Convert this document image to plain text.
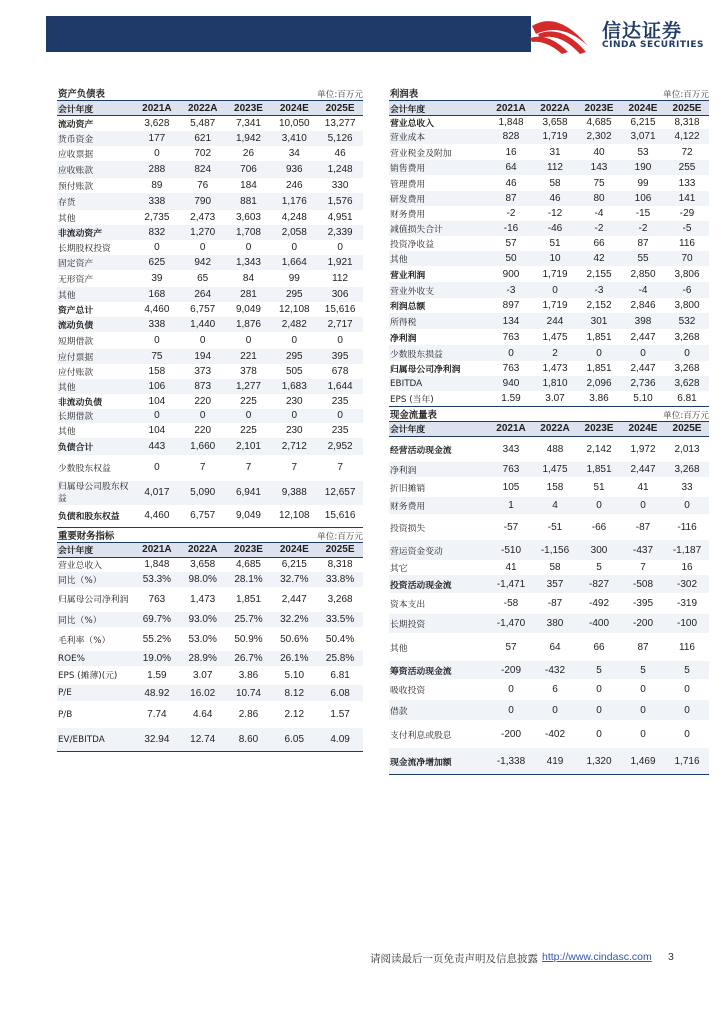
信达证券
CINDA SECURITIES
资产负债表				单位:百万元	
会计年度	2021A	2022A	2023E	2024E	2025E
流动资产	3,628	5,487	7,341	10,050	13,277
货币资金	177	621	1,942	3,410	5,126
应收票据	0	702	26	34	46
应收账款	288	824	706	936	1,248
预付账款	89	76	184	246	330
存货	338	790	881	1,176	1,576
其他	2,735	2,473	3,603	4,248	4,951
非流动资产	832	1,270	1,708	2,058	2,339
长期股权投资	0	0	0	0	0
固定资产	625	942	1,343	1,664	1,921
无形资产	39	65	84	99	112
其他	168	264	281	295	306
资产总计	4,460	6,757	9,049	12,108	15,616
流动负债	338	1,440	1,876	2,482	2,717
短期借款	0	0	0	0	0
应付票据	75	194	221	295	395
应付账款	158	373	378	505	678
其他	106	873	1,277	1,683	1,644
非流动负债	104	220	225	230	235
长期借款	0	0	0	0	0
其他	104	220	225	230	235
负债合计	443	1,660	2,101	2,712	2,952
少数股东权益	0	7	7	7	7
归属母公司股东权益	4,017	5,090	6,941	9,388	12,657
负债和股东权益	4,460	6,757	9,049	12,108	15,616
重要财务指标				单位:百万元	
会计年度	2021A	2022A	2023E	2024E	2025E
营业总收入	1,848	3,658	4,685	6,215	8,318
同比（%）	53.3%	98.0%	28.1%	32.7%	33.8%
归属母公司净利润	763	1,473	1,851	2,447	3,268
同比（%）	69.7%	93.0%	25.7%	32.2%	33.5%
毛利率（%）	55.2%	53.0%	50.9%	50.6%	50.4%
ROE%	19.0%	28.9%	26.7%	26.1%	25.8%
EPS (摊薄)(元)	1.59	3.07	3.86	5.10	6.81
P/E	48.92	16.02	10.74	8.12	6.08
P/B	7.74	4.64	2.86	2.12	1.57
EV/EBITDA	32.94	12.74	8.60	6.05	4.09
利润表				单位:百万元	
会计年度	2021A	2022A	2023E	2024E	2025E
营业总收入	1,848	3,658	4,685	6,215	8,318
营业成本	828	1,719	2,302	3,071	4,122
营业税金及附加	16	31	40	53	72
销售费用	64	112	143	190	255
管理费用	46	58	75	99	133
研发费用	87	46	80	106	141
财务费用	-2	-12	-4	-15	-29
减值损失合计	-16	-46	-2	-2	-5
投资净收益	57	51	66	87	116
其他	50	10	42	55	70
营业利润	900	1,719	2,155	2,850	3,806
营业外收支	-3	0	-3	-4	-6
利润总额	897	1,719	2,152	2,846	3,800
所得税	134	244	301	398	532
净利润	763	1,475	1,851	2,447	3,268
少数股东损益	0	2	0	0	0
归属母公司净利润	763	1,473	1,851	2,447	3,268
EBITDA	940	1,810	2,096	2,736	3,628
EPS (当年)	1.59	3.07	3.86	5.10	6.81
现金流量表				单位:百万元	
会计年度	2021A	2022A	2023E	2024E	2025E
经营活动现金流	343	488	2,142	1,972	2,013
净利润	763	1,475	1,851	2,447	3,268
折旧摊销	105	158	51	41	33
财务费用	1	4	0	0	0
投资损失	-57	-51	-66	-87	-116
营运资金变动	-510	-1,156	300	-437	-1,187
其它	41	58	5	7	16
投资活动现金流	-1,471	357	-827	-508	-302
资本支出	-58	-87	-492	-395	-319
长期投资	-1,470	380	-400	-200	-100
其他	57	64	66	87	116
筹资活动现金流	-209	-432	5	5	5
吸收投资	0	6	0	0	0
借款	0	0	0	0	0
支付利息或股息	-200	-402	0	0	0
现金流净增加额	-1,338	419	1,320	1,469	1,716
请阅读最后一页免责声明及信息披露 http://www.cindasc.com 3
